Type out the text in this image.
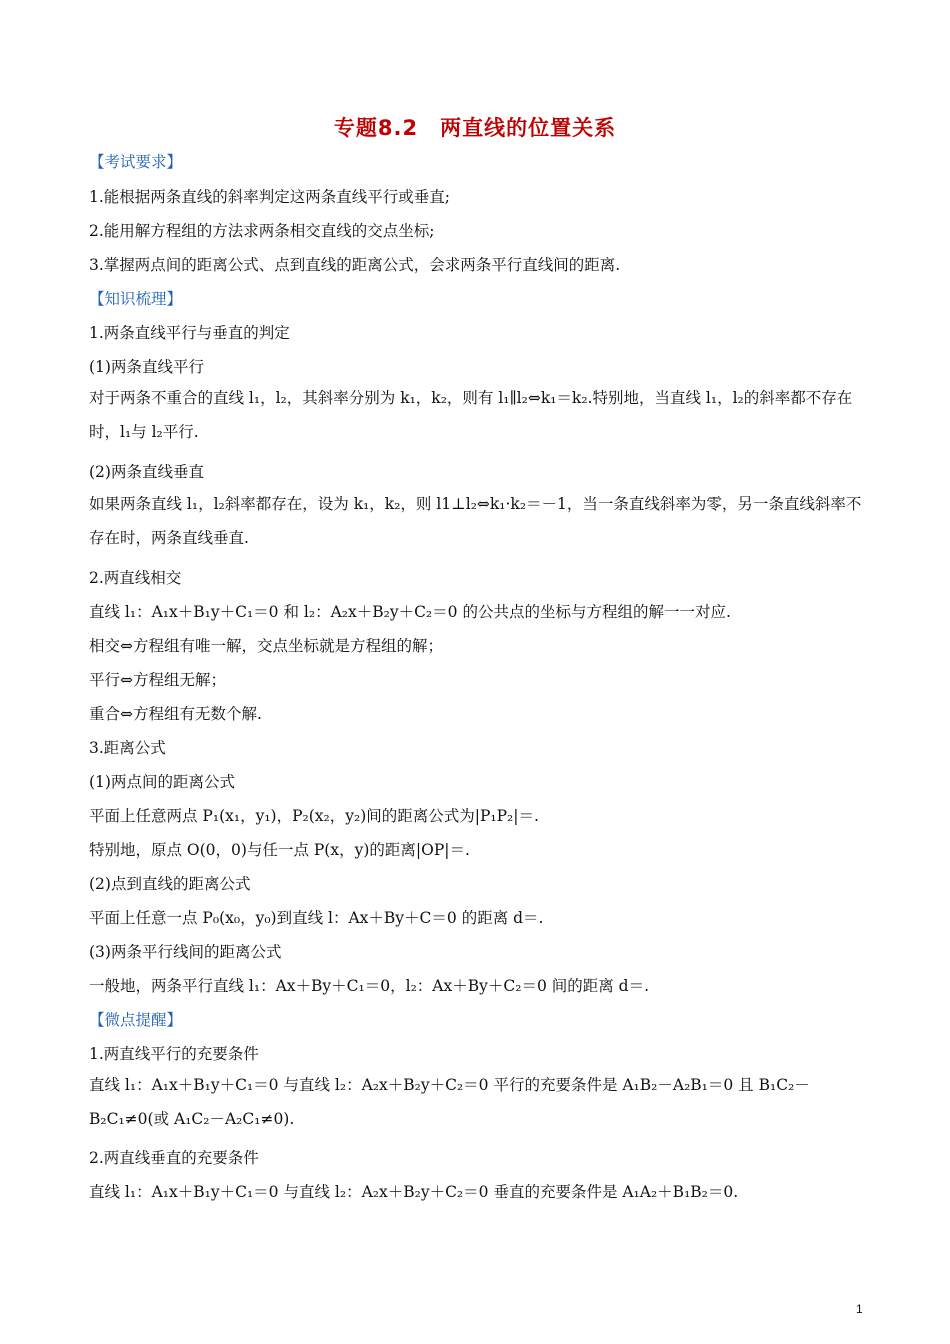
专题8.2　两直线的位置关系
【考试要求】
1.能根据两条直线的斜率判定这两条直线平行或垂直;
2.能用解方程组的方法求两条相交直线的交点坐标;
3.掌握两点间的距离公式、点到直线的距离公式，会求两条平行直线间的距离.
【知识梳理】
1.两条直线平行与垂直的判定
(1)两条直线平行
对于两条不重合的直线 l₁，l₂，其斜率分别为 k₁，k₂，则有 l₁∥l₂⇔k₁＝k₂.特别地，当直线 l₁，l₂的斜率都不存在时，l₁与 l₂平行.
(2)两条直线垂直
如果两条直线 l₁，l₂斜率都存在，设为 k₁，k₂，则 l1⊥l₂⇔k₁·k₂＝－1，当一条直线斜率为零，另一条直线斜率不存在时，两条直线垂直.
2.两直线相交
直线 l₁：A₁x＋B₁y＋C₁＝0 和 l₂：A₂x＋B₂y＋C₂＝0 的公共点的坐标与方程组的解一一对应.
相交⇔方程组有唯一解，交点坐标就是方程组的解；
平行⇔方程组无解；
重合⇔方程组有无数个解.
3.距离公式
(1)两点间的距离公式
平面上任意两点 P₁(x₁，y₁)，P₂(x₂，y₂)间的距离公式为|P₁P₂|＝.
特别地，原点 O(0，0)与任一点 P(x，y)的距离|OP|＝.
(2)点到直线的距离公式
平面上任意一点 P₀(x₀，y₀)到直线 l：Ax＋By＋C＝0 的距离 d＝.
(3)两条平行线间的距离公式
一般地，两条平行直线 l₁：Ax＋By＋C₁＝0，l₂：Ax＋By＋C₂＝0 间的距离 d＝.
【微点提醒】
1.两直线平行的充要条件
直线 l₁：A₁x＋B₁y＋C₁＝0 与直线 l₂：A₂x＋B₂y＋C₂＝0 平行的充要条件是 A₁B₂－A₂B₁＝0 且 B₁C₂－B₂C₁≠0(或 A₁C₂－A₂C₁≠0).
2.两直线垂直的充要条件
直线 l₁：A₁x＋B₁y＋C₁＝0 与直线 l₂：A₂x＋B₂y＋C₂＝0 垂直的充要条件是 A₁A₂＋B₁B₂＝0.
1
